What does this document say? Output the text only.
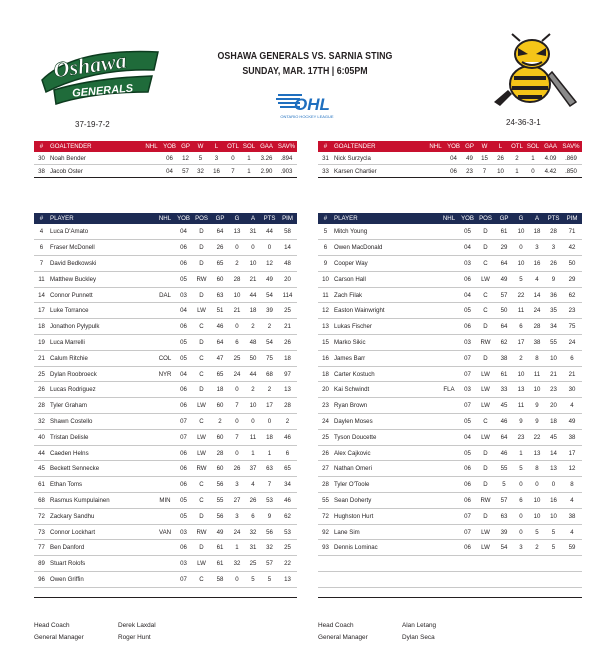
Oshawa
GENERALS
37-19-7-2
OSHAWA GENERALS VS. SARNIA STING
SUNDAY, MAR. 17TH | 6:05PM
OHL
ONTARIO HOCKEY LEAGUE
24-36-3-1
#	GOALTENDER	NHL	YOB	GP	W	L	OTL	SOL	GAA	SAV%
30	Noah Bender		06	12	5	3	0	1	3.26	.894
38	Jacob Oster		04	57	32	16	7	1	2.90	.903
#	GOALTENDER	NHL	YOB	GP	W	L	OTL	SOL	GAA	SAV%
31	Nick Surzycla		04	49	15	26	2	1	4.09	.869
33	Karsen Chartier		06	23	7	10	1	0	4.42	.850
#	PLAYER	NHL	YOB	POS	GP	G	A	PTS	PIM
4	Luca D'Amato		04	D	64	13	31	44	58
6	Fraser McDonell		06	D	26	0	0	0	14
7	David Bedkowski		06	D	65	2	10	12	48
11	Matthew Buckley		05	RW	60	28	21	49	20
14	Connor Punnett	DAL	03	D	63	10	44	54	114
17	Luke Torrance		04	LW	51	21	18	39	25
18	Jonathon Pylypulk		06	C	46	0	2	2	21
19	Luca Marrelli		05	D	64	6	48	54	26
21	Calum Ritchie	COL	05	C	47	25	50	75	18
25	Dylan Roobroeck	NYR	04	C	65	24	44	68	97
26	Lucas Rodriguez		06	D	18	0	2	2	13
28	Tyler Graham		06	LW	60	7	10	17	28
32	Shawn Costello		07	C	2	0	0	0	2
40	Tristan Delisle		07	LW	60	7	11	18	46
44	Caeden Helns		06	LW	28	0	1	1	6
45	Beckett Sennecke		06	RW	60	26	37	63	65
61	Ethan Toms		06	C	56	3	4	7	34
68	Rasmus Kumpulainen	MIN	05	C	55	27	26	53	46
72	Zackary Sandhu		05	D	56	3	6	9	62
73	Connor Lockhart	VAN	03	RW	49	24	32	56	53
77	Ben Danford		06	D	61	1	31	32	25
89	Stuart Rolofs		03	LW	61	32	25	57	22
96	Owen Griffin		07	C	58	0	5	5	13

#	PLAYER	NHL	YOB	POS	GP	G	A	PTS	PIM
5	Mitch Young		05	D	61	10	18	28	71
6	Owen MacDonald		04	D	29	0	3	3	42
9	Cooper Way		03	C	64	10	16	26	50
10	Carson Hall		06	LW	49	5	4	9	29
11	Zach Filak		04	C	57	22	14	36	62
12	Easton Wainwright		05	C	50	11	24	35	23
13	Lukas Fischer		06	D	64	6	28	34	75
15	Marko Sikic		03	RW	62	17	38	55	24
16	James Barr		07	D	38	2	8	10	6
18	Carter Kostuch		07	LW	61	10	11	21	21
20	Kai Schwindt	FLA	03	LW	33	13	10	23	30
23	Ryan Brown		07	LW	45	11	9	20	4
24	Daylen Moses		05	C	46	9	9	18	49
25	Tyson Doucette		04	LW	64	23	22	45	38
26	Alex Cajkovic		05	D	46	1	13	14	17
27	Nathan Omeri		06	D	55	5	8	13	12
28	Tyler O'Toole		06	D	5	0	0	0	8
55	Sean Doherty		06	RW	57	6	10	16	4
72	Hughston Hurt		07	D	63	0	10	10	38
92	Lane Sim		07	LW	39	0	5	5	4
93	Dennis Lominac		06	LW	54	3	2	5	59

Head Coach
General Manager
Derek Laxdal
Roger Hunt
Head Coach
General Manager
Alan Letang
Dylan Seca
